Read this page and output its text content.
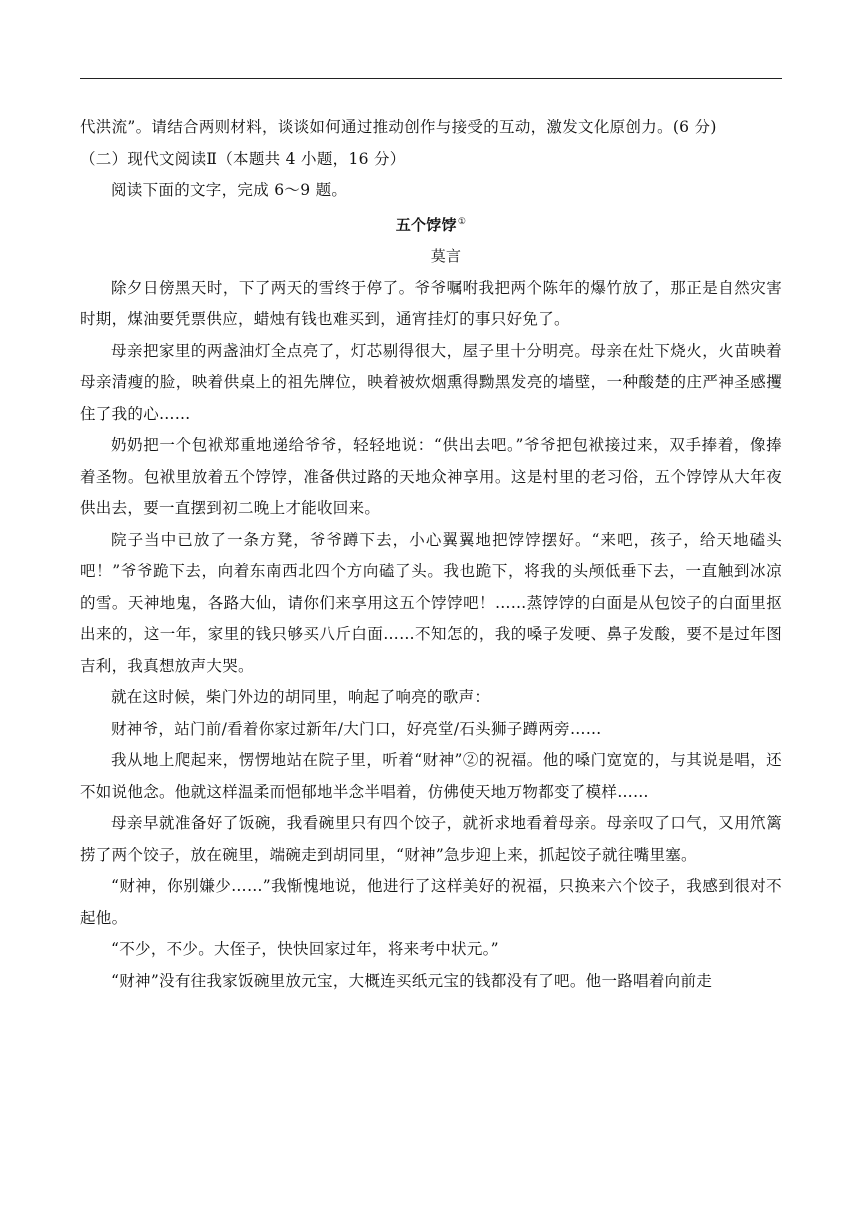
代洪流”。请结合两则材料，谈谈如何通过推动创作与接受的互动，激发文化原创力。(6 分)

（二）现代文阅读Ⅱ（本题共 4 小题，16 分）

阅读下面的文字，完成 6～9 题。

五个饽饽①

莫言

除夕日傍黑天时，下了两天的雪终于停了。爷爷嘱咐我把两个陈年的爆竹放了，那正是自然灾害时期，煤油要凭票供应，蜡烛有钱也难买到，通宵挂灯的事只好免了。

母亲把家里的两盏油灯全点亮了，灯芯剔得很大，屋子里十分明亮。母亲在灶下烧火，火苗映着母亲清瘦的脸，映着供桌上的祖先牌位，映着被炊烟熏得黝黑发亮的墙壁，一种酸楚的庄严神圣感攫住了我的心……

奶奶把一个包袱郑重地递给爷爷，轻轻地说：“供出去吧。”爷爷把包袱接过来，双手捧着，像捧着圣物。包袱里放着五个饽饽，准备供过路的天地众神享用。这是村里的老习俗，五个饽饽从大年夜供出去，要一直摆到初二晚上才能收回来。

院子当中已放了一条方凳，爷爷蹲下去，小心翼翼地把饽饽摆好。“来吧，孩子，给天地磕头吧！”爷爷跪下去，向着东南西北四个方向磕了头。我也跪下，将我的头颅低垂下去，一直触到冰凉的雪。天神地鬼，各路大仙，请你们来享用这五个饽饽吧！……蒸饽饽的白面是从包饺子的白面里抠出来的，这一年，家里的钱只够买八斤白面……不知怎的，我的嗓子发哽、鼻子发酸，要不是过年图吉利，我真想放声大哭。

就在这时候，柴门外边的胡同里，响起了响亮的歌声：

财神爷，站门前/看着你家过新年/大门口，好亮堂/石头狮子蹲两旁……

我从地上爬起来，愣愣地站在院子里，听着“财神”②的祝福。他的嗓门宽宽的，与其说是唱，还不如说他念。他就这样温柔而悒郁地半念半唱着，仿佛使天地万物都变了模样……

母亲早就准备好了饭碗，我看碗里只有四个饺子，就祈求地看着母亲。母亲叹了口气，又用笊篱捞了两个饺子，放在碗里，端碗走到胡同里，“财神”急步迎上来，抓起饺子就往嘴里塞。

“财神，你别嫌少……”我惭愧地说，他进行了这样美好的祝福，只换来六个饺子，我感到很对不起他。

“不少，不少。大侄子，快快回家过年，将来考中状元。”

“财神”没有往我家饭碗里放元宝，大概连买纸元宝的钱都没有了吧。他一路唱着向前走
